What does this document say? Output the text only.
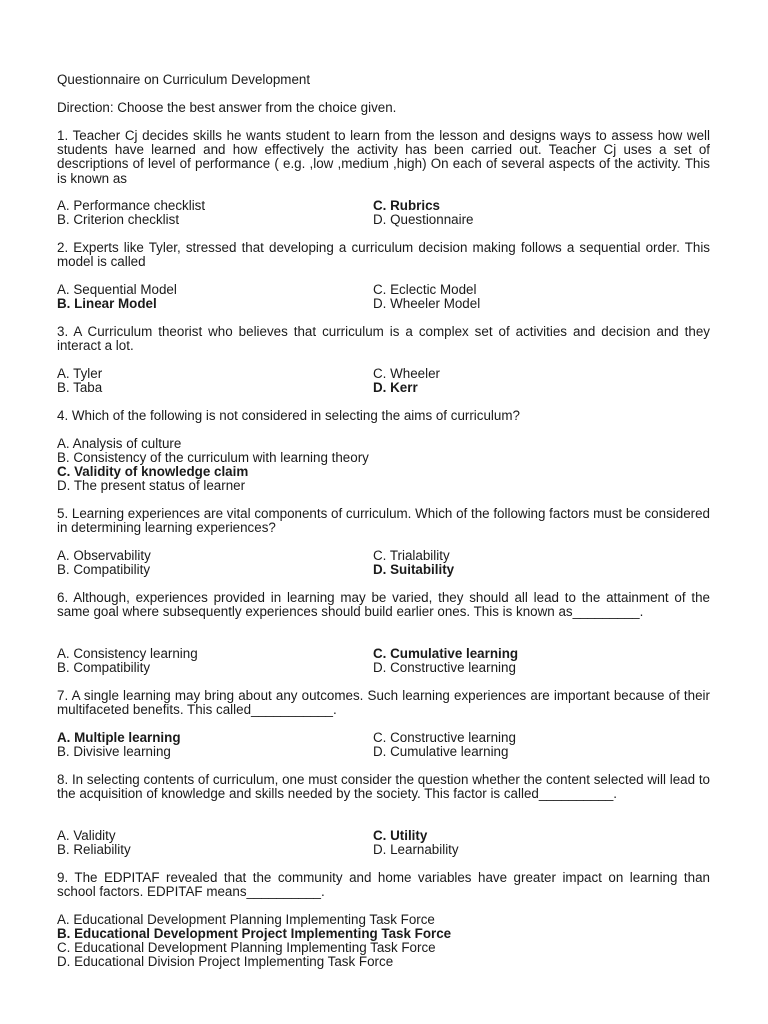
Questionnaire on Curriculum Development
Direction: Choose the best answer from the choice given.
1. Teacher Cj decides skills he wants student to learn from the lesson and designs ways to assess how well students have learned and how effectively the activity has been carried out. Teacher Cj uses a set of descriptions of level of performance ( e.g. ,low ,medium ,high) On each of several aspects of the activity. This is known as
A. Performance checklist
B. Criterion checklist
C. Rubrics
D. Questionnaire
2. Experts like Tyler, stressed that developing a curriculum decision making follows a sequential order. This model is called
A. Sequential Model
B. Linear Model
C. Eclectic Model
D. Wheeler Model
3. A Curriculum theorist who believes that curriculum is a complex set of activities and decision and they interact a lot.
A. Tyler
B. Taba
C. Wheeler
D. Kerr
4. Which of the following is not considered in selecting the aims of curriculum?
A. Analysis of culture
B. Consistency of the curriculum with learning theory
C. Validity of knowledge claim
D. The present status of learner
5. Learning experiences are vital components of curriculum. Which of the following factors must be considered in determining learning experiences?
A. Observability
B. Compatibility
C. Trialability
D. Suitability
6. Although, experiences provided in learning may be varied, they should all lead to the attainment of the same goal where subsequently experiences should build earlier ones. This is known as_________.
A. Consistency learning
B. Compatibility
C. Cumulative learning
D. Constructive learning
7. A single learning may bring about any outcomes. Such learning experiences are important because of their multifaceted benefits. This called___________.
A. Multiple learning
B. Divisive learning
C. Constructive learning
D. Cumulative learning
8. In selecting contents of curriculum, one must consider the question whether the content selected will lead to the acquisition of knowledge and skills needed by the society. This factor is called__________.
A. Validity
B. Reliability
C. Utility
D. Learnability
9. The EDPITAF revealed that the community and home variables have greater impact on learning than school factors. EDPITAF means__________.
A. Educational Development Planning Implementing Task Force
B. Educational Development Project Implementing Task Force
C. Educational Development Planning Implementing Task Force
D. Educational Division Project Implementing Task Force
